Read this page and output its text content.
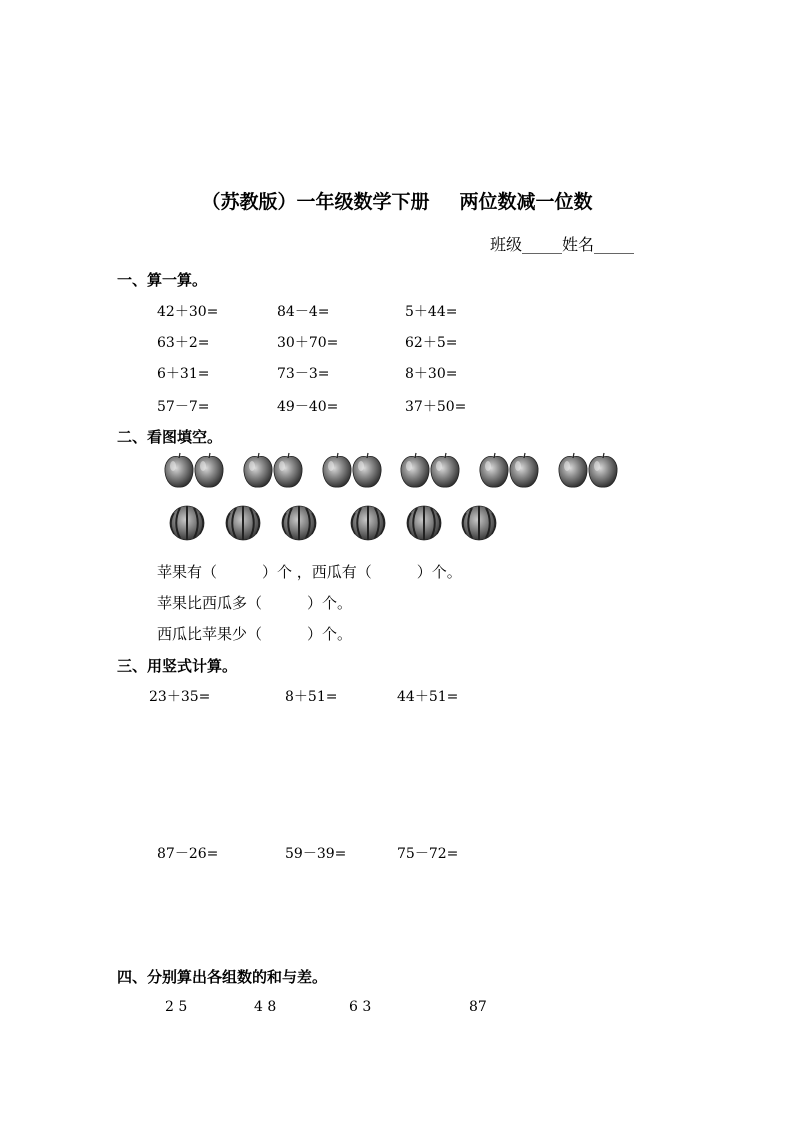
（苏教版）一年级数学下册 两位数减一位数
班级_____姓名_____
一、算一算。
42＋30=	84－4=	5＋44=
63＋2=	30＋70=	62＋5=
6＋31=	73－3=	8＋30=
57－7=	49－40=	37＋50=
二、看图填空。
苹果有（　　　）个 ，西瓜有（　　　）个。
苹果比西瓜多（　　　）个。
西瓜比苹果少（　　　）个。
三、用竖式计算。
23＋35=	8＋51=	44＋51=
87－26=	59－39=	75－72=
四、分别算出各组数的和与差。
2 5	4 8	6 3	87
